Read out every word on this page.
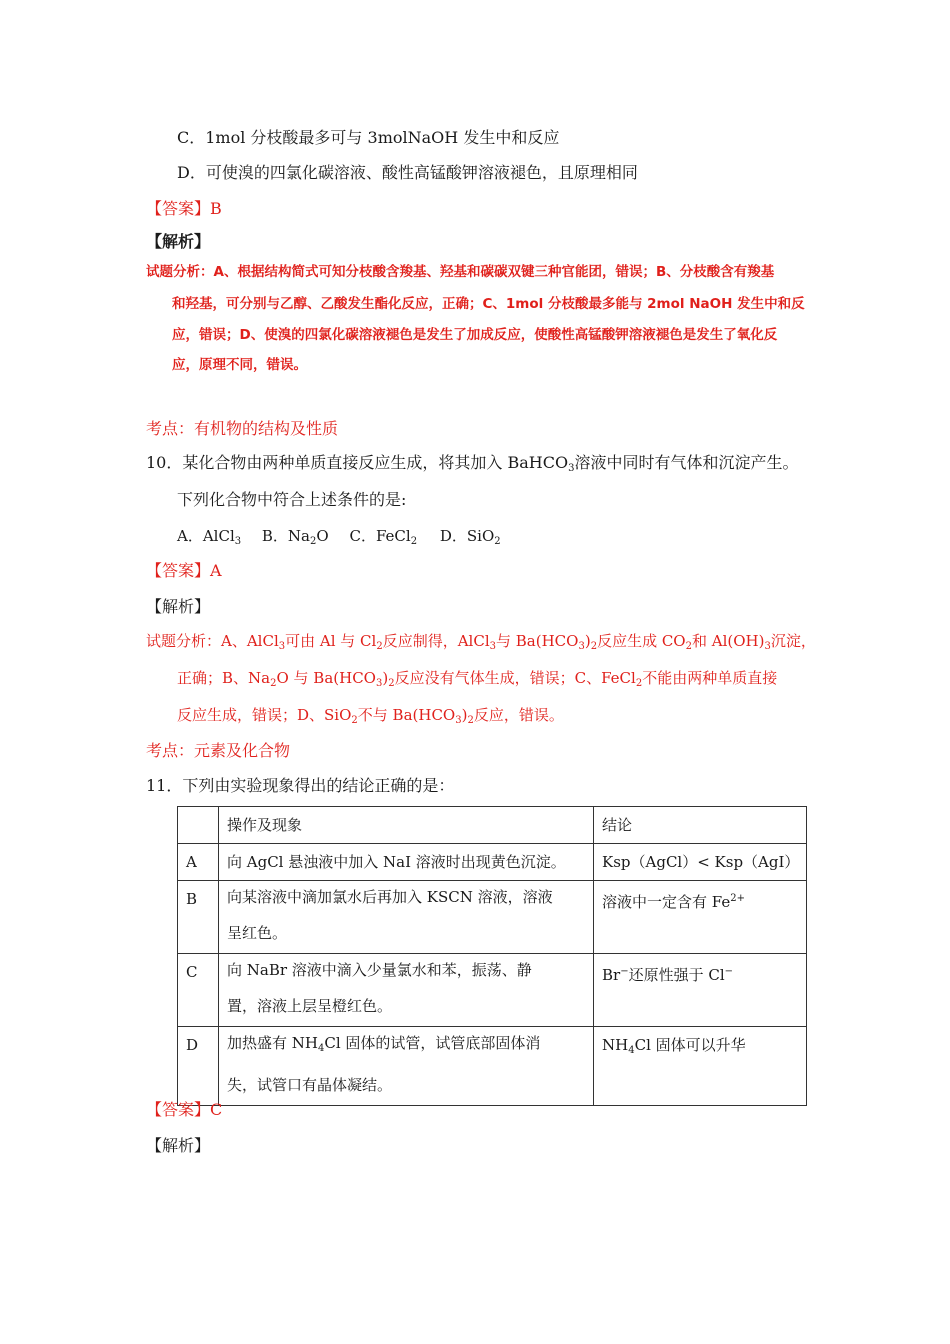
C．1mol 分枝酸最多可与 3molNaOH 发生中和反应
D．可使溴的四氯化碳溶液、酸性高锰酸钾溶液褪色，且原理相同
【答案】B
【解析】
试题分析：A、根据结构简式可知分枝酸含羧基、羟基和碳碳双键三种官能团，错误；B、分枝酸含有羧基
和羟基，可分别与乙醇、乙酸发生酯化反应，正确；C、1mol 分枝酸最多能与 2mol NaOH 发生中和反
应，错误；D、使溴的四氯化碳溶液褪色是发生了加成反应，使酸性高锰酸钾溶液褪色是发生了氧化反
应，原理不同，错误。
考点：有机物的结构及性质
10．某化合物由两种单质直接反应生成，将其加入 BaHCO$_3$溶液中同时有气体和沉淀产生。
下列化合物中符合上述条件的是:
A．AlCl$_3$ B．$Na_2O$ C．FeCl$_2$ D．SiO$_2$
【答案】A
【解析】
试题分析：A、AlCl$_3$可由 Al 与 $Cl_2$反应制得，AlCl$_3$与 $Ba(HCO_3)_2$反应生成 $CO_2$和 $Al(OH)_3$沉淀，
正确；B、$Na_2O$ 与 $Ba(HCO_3)_2$反应没有气体生成，错误；C、FeCl$_2$不能由两种单质直接
反应生成，错误；D、SiO$_2$不与 $Ba(HCO_3)_2$反应，错误。
考点：元素及化合物
11．下列由实验现象得出的结论正确的是：
	操作及现象	结论
A	向 AgCl 悬浊液中加入 NaI 溶液时出现黄色沉淀。	Ksp（AgCl）< Ksp（AgI）
B	向某溶液中滴加氯水后再加入 KSCN 溶液，溶液
呈红色。	溶液中一定含有 $Fe^{2+}$
C	向 NaBr 溶液中滴入少量氯水和苯，振荡、静
置，溶液上层呈橙红色。	Br−还原性强于 Cl−
D	加热盛有 $NH_4Cl$ 固体的试管，试管底部固体消
失，试管口有晶体凝结。	$NH_4Cl$ 固体可以升华
【答案】C
【解析】
